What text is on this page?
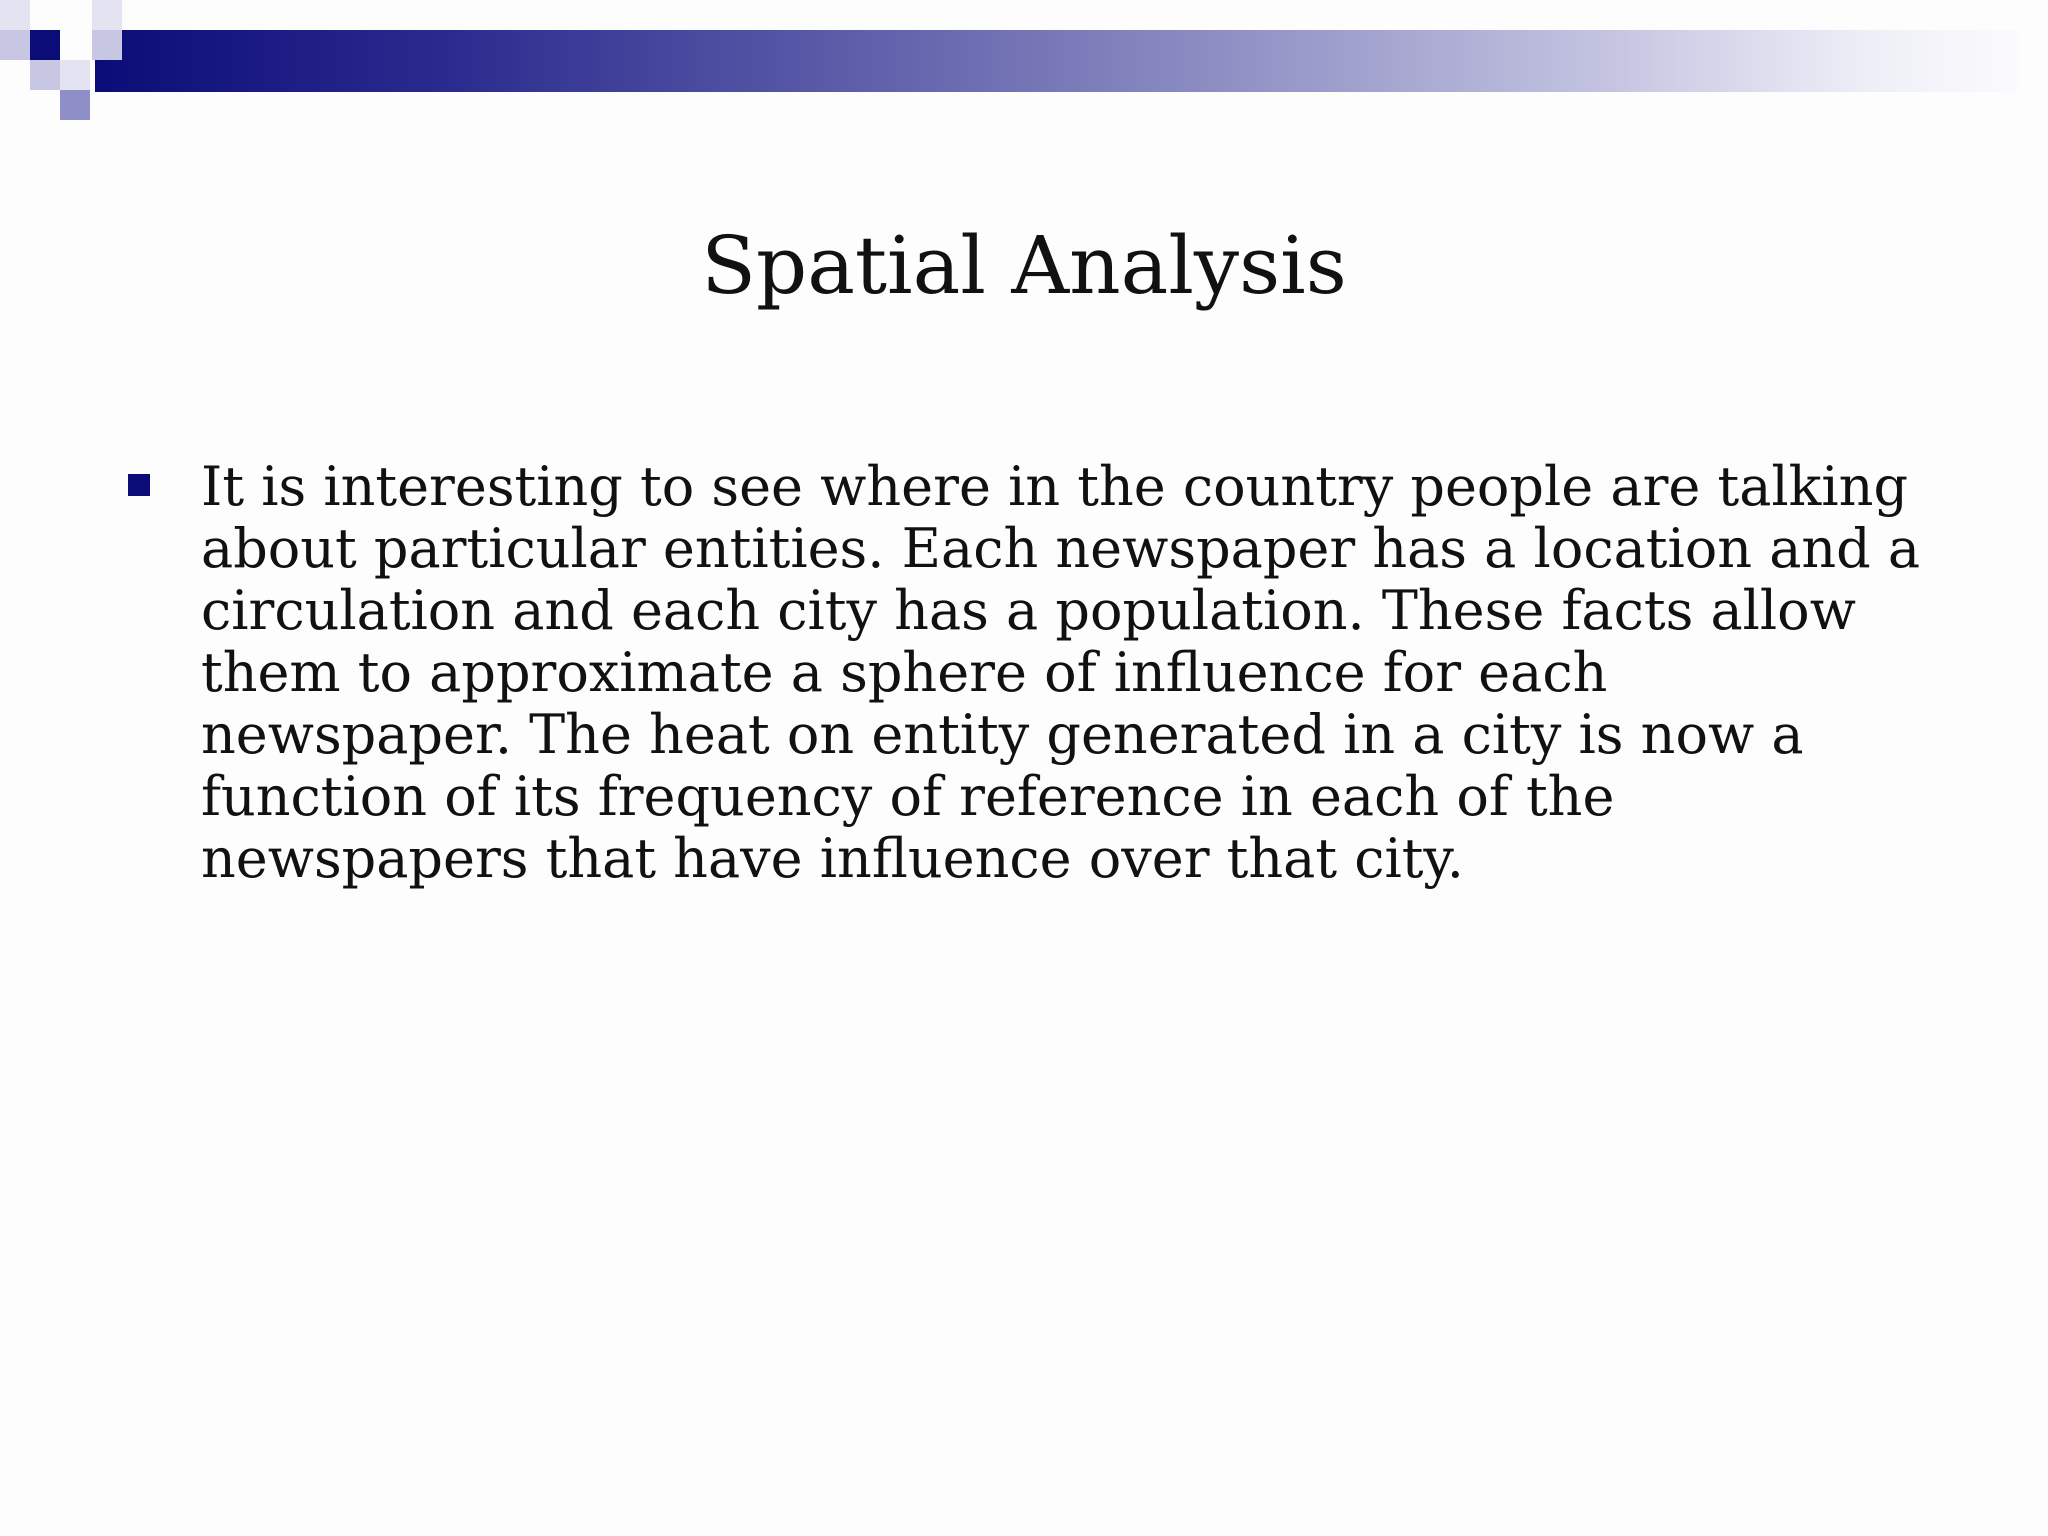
Spatial Analysis
It is interesting to see where in the country people are talking about particular entities. Each newspaper has a location and a circulation and each city has a population. These facts allow them to approximate a sphere of influence for each newspaper. The heat on entity generated in a city is now a function of its frequency of reference in each of the newspapers that have influence over that city.
